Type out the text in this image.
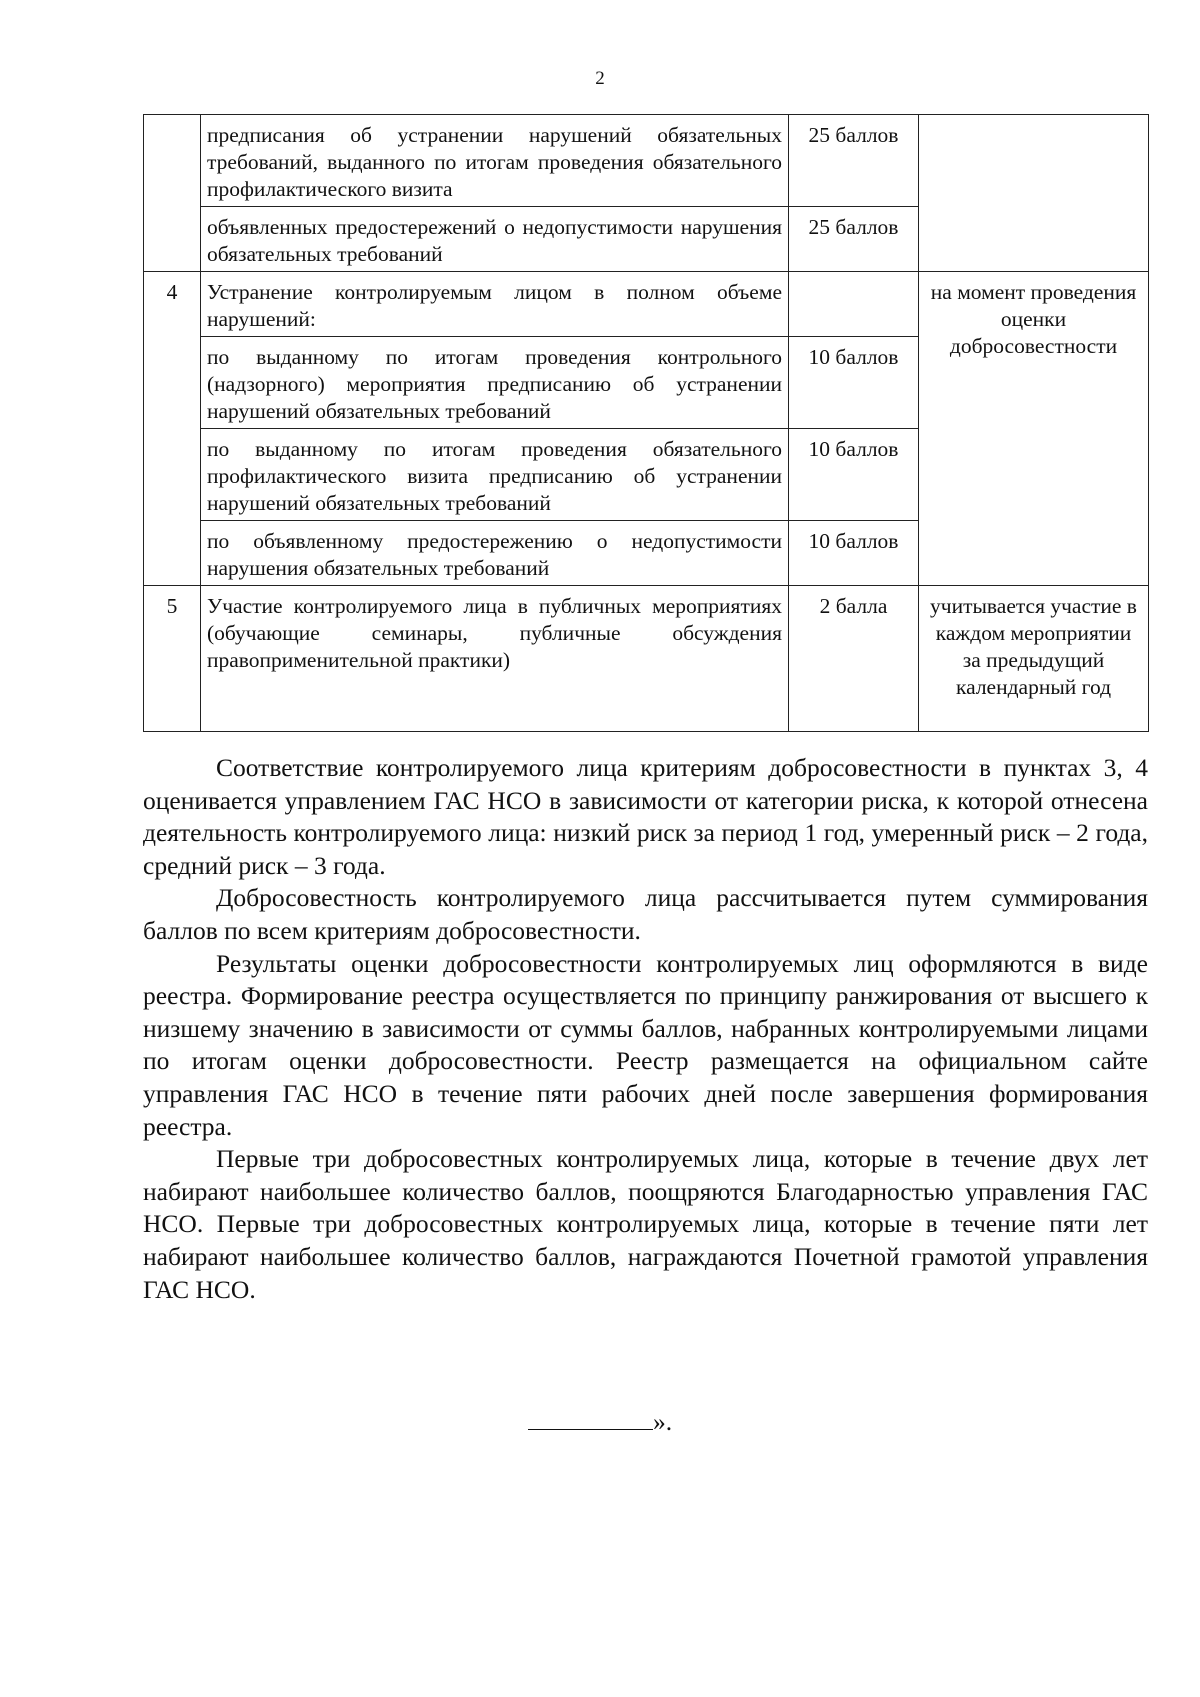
2
	предписания об устранении нарушений обязательных требований, выданного по итогам проведения обязательного профилактического визита	25 баллов	
	объявленных предостережений о недопустимости нарушения обязательных требований	25 баллов	
4	Устранение контролируемым лицом в полном объеме нарушений:		на момент проведения оценки добросовестности
	по выданному по итогам проведения контрольного (надзорного) мероприятия предписанию об устранении нарушений обязательных требований	10 баллов	
	по выданному по итогам проведения обязательного профилактического визита предписанию об устранении нарушений обязательных требований	10 баллов	
	по объявленному предостережению о недопустимости нарушения обязательных требований	10 баллов	
5	Участие контролируемого лица в публичных мероприятиях (обучающие семинары, публичные обсуждения правоприменительной практики)	2 балла	учитывается участие в каждом мероприятии за предыдущий календарный год

Соответствие контролируемого лица критериям добросовестности в пунктах 3, 4 оценивается управлением ГАС НСО в зависимости от категории риска, к которой отнесена деятельность контролируемого лица: низкий риск за период 1 год, умеренный риск – 2 года, средний риск – 3 года.

Добросовестность контролируемого лица рассчитывается путем суммирования баллов по всем критериям добросовестности.

Результаты оценки добросовестности контролируемых лиц оформляются в виде реестра. Формирование реестра осуществляется по принципу ранжирования от высшего к низшему значению в зависимости от суммы баллов, набранных контролируемыми лицами по итогам оценки добросовестности. Реестр размещается на официальном сайте управления ГАС НСО в течение пяти рабочих дней после завершения формирования реестра.

Первые три добросовестных контролируемых лица, которые в течение двух лет набирают наибольшее количество баллов, поощряются Благодарностью управления ГАС НСО. Первые три добросовестных контролируемых лица, которые в течение пяти лет набирают наибольшее количество баллов, награждаются Почетной грамотой управления ГАС НСО.

».
